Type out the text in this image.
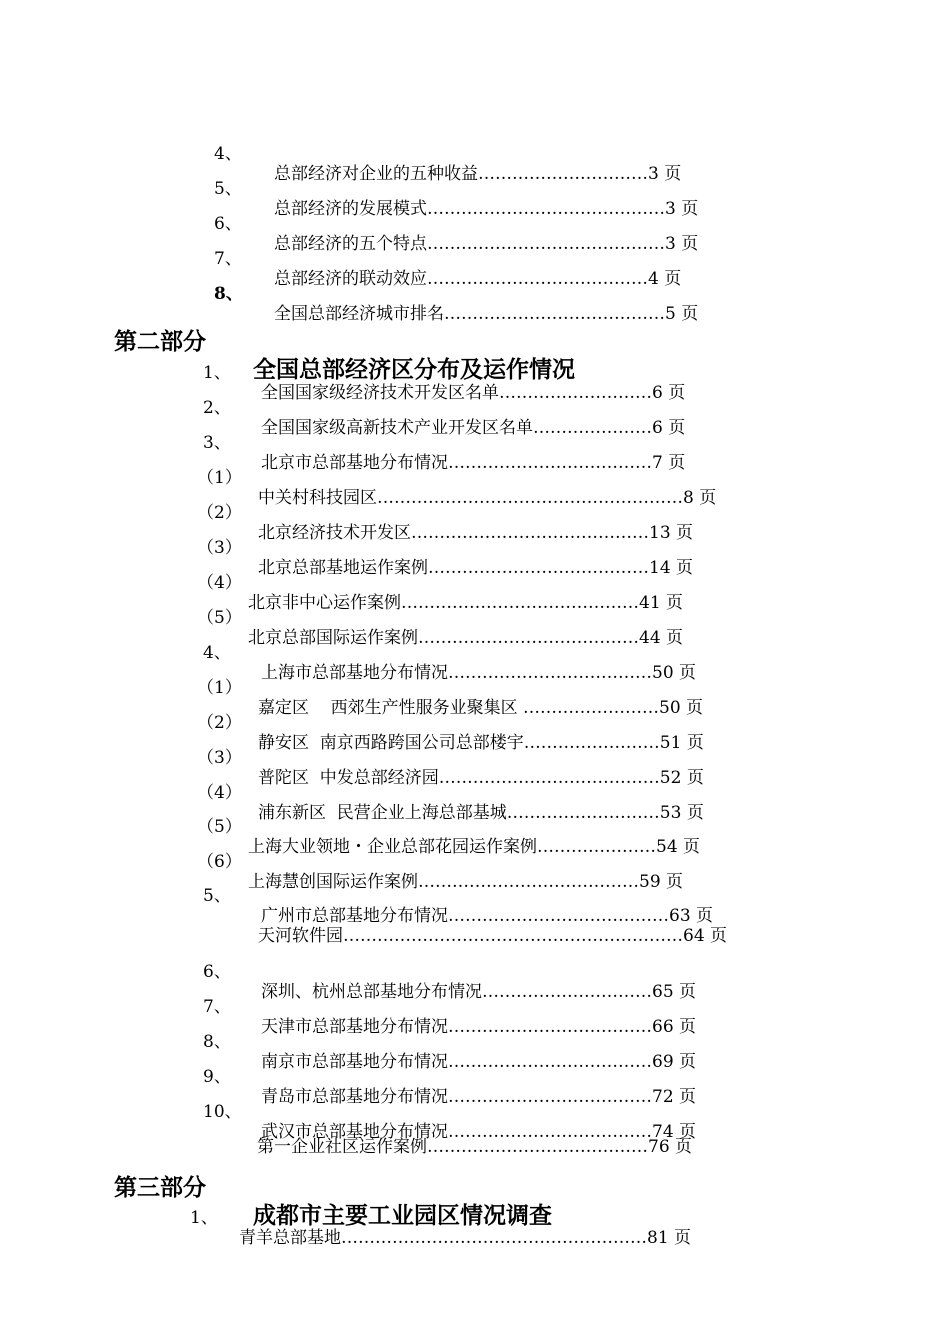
4、

总部经济对企业的五种收益…………………………3 页

5、

总部经济的发展模式……………………………………3 页

6、

总部经济的五个特点……………………………………3 页

7、

总部经济的联动效应…………………………………4 页

8、

全国总部经济城市排名…………………………………5 页

第二部分

全国总部经济区分布及运作情况

1、

全国国家级经济技术开发区名单………………………6 页

2、

全国国家级高新技术产业开发区名单…………………6 页

3、

北京市总部基地分布情况………………………………7 页

（1）

中关村科技园区………………………………………………8 页

（2）

北京经济技术开发区……………………………………13 页

（3）

北京总部基地运作案例…………………………………14 页

（4）

北京非中心运作案例……………………………………41 页

（5）

北京总部国际运作案例…………………………………44 页

4、

上海市总部基地分布情况………………………………50 页

（1）

嘉定区    西郊生产性服务业聚集区 ……………………50 页

（2）

静安区  南京西路跨国公司总部楼宇……………………51 页

（3）

普陀区  中发总部经济园…………………………………52 页

（4）

浦东新区  民营企业上海总部基城………………………53 页

（5）

上海大业领地・企业总部花园运作案例…………………54 页

（6）

上海慧创国际运作案例…………………………………59 页

5、

广州市总部基地分布情况…………………………………63 页

天河软件园……………………………………………………64 页

6、

深圳、杭州总部基地分布情况…………………………65 页

7、

天津市总部基地分布情况………………………………66 页

8、

南京市总部基地分布情况………………………………69 页

9、

青岛市总部基地分布情况………………………………72 页

10、

武汉市总部基地分布情况………………………………74 页

第一企业社区运作案例…………………………………76 页

第三部分

成都市主要工业园区情况调查

1、

青羊总部基地………………………………………………81 页
